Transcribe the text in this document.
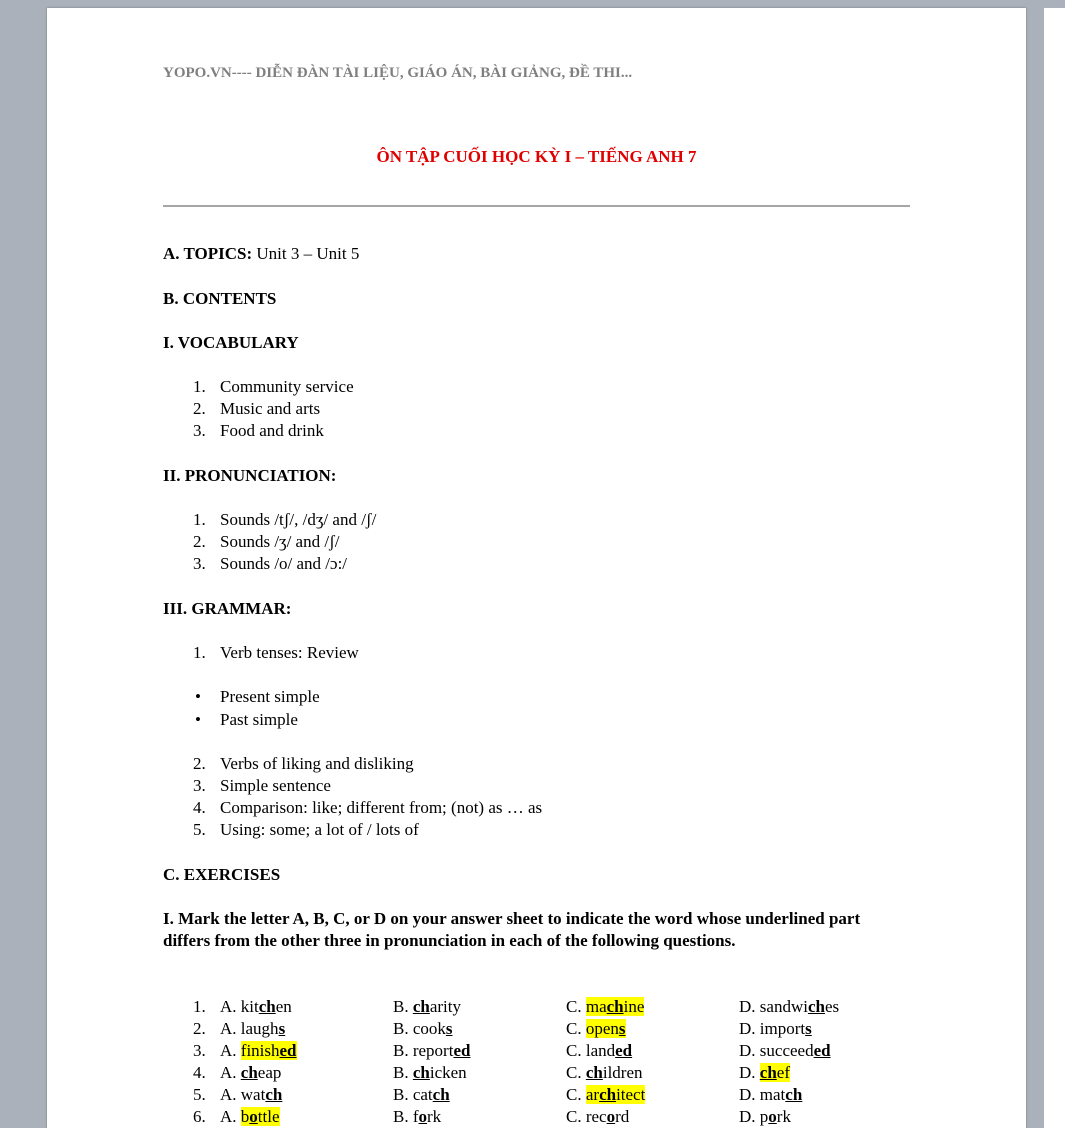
YOPO.VN---- DIỄN ĐÀN TÀI LIỆU, GIÁO ÁN, BÀI GIẢNG, ĐỀ THI...
ÔN TẬP CUỐI HỌC KỲ I – TIẾNG ANH 7
A. TOPICS: Unit 3 – Unit 5
B. CONTENTS
I. VOCABULARY
1. Community service
2. Music and arts
3. Food and drink
II. PRONUNCIATION:
1. Sounds /tʃ/, /dʒ/ and /ʃ/
2. Sounds /ʒ/ and /ʃ/
3. Sounds /o/ and /ɔ:/
III. GRAMMAR:
1. Verb tenses: Review
• Present simple
• Past simple
2. Verbs of liking and disliking
3. Simple sentence
4. Comparison: like; different from; (not) as … as
5. Using: some; a lot of / lots of
C. EXERCISES
I. Mark the letter A, B, C, or D on your answer sheet to indicate the word whose underlined part differs from the other three in pronunciation in each of the following questions.
1. A. kitchen	B. charity	C. machine	D. sandwiches
2. A. laughs	B. cooks	C. opens	D. imports
3. A. finished	B. reported	C. landed	D. succeeded
4. A. cheap	B. chicken	C. children	D. chef
5. A. watch	B. catch	C. architect	D. match
6. A. bottle	B. fork	C. record	D. pork
